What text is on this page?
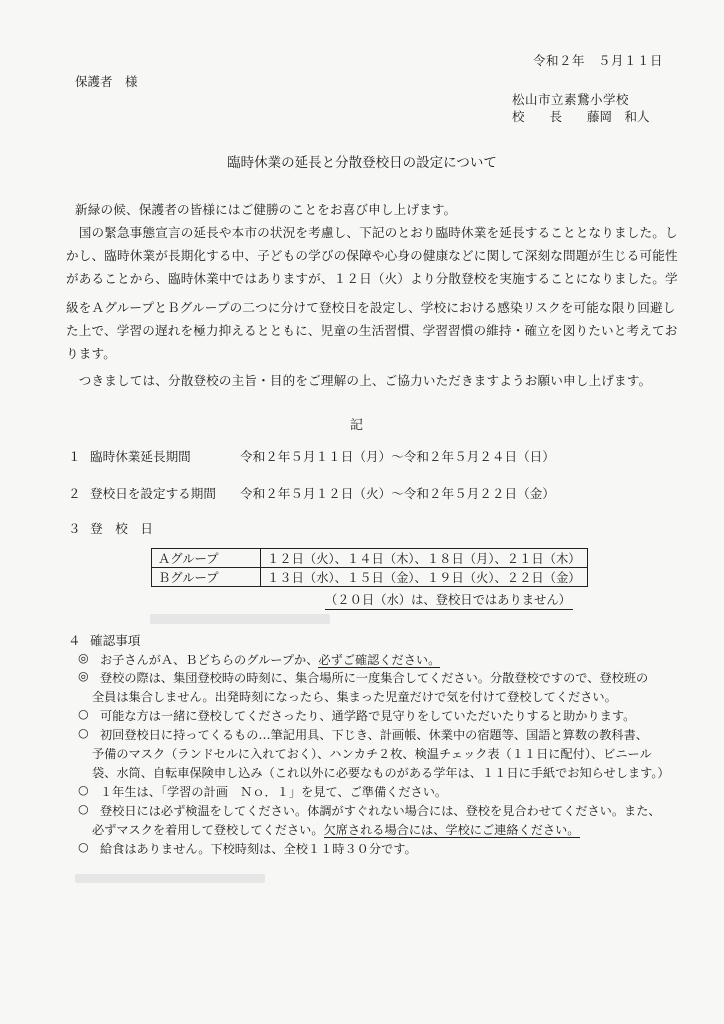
令和２年　５月１１日
保護者　様
松山市立素鵞小学校
校　　長　　藤岡　和人
臨時休業の延長と分散登校日の設定について
新緑の候、保護者の皆様にはご健勝のことをお喜び申し上げます。
　国の緊急事態宣言の延長や本市の状況を考慮し、下記のとおり臨時休業を延長することとなりました。し
かし、臨時休業が長期化する中、子どもの学びの保障や心身の健康などに関して深刻な問題が生じる可能性
があることから、臨時休業中ではありますが、１２日（火）より分散登校を実施することになりました。学
級をＡグループとＢグループの二つに分けて登校日を設定し、学校における感染リスクを可能な限り回避し
た上で、学習の遅れを極力抑えるとともに、児童の生活習慣、学習習慣の維持・確立を図りたいと考えてお
ります。
　つきましては、分散登校の主旨・目的をご理解の上、ご協力いただきますようお願い申し上げます。
記
１ 臨時休業延長期間	令和２年５月１１日（月）～令和２年５月２４日（日）
２ 登校日を設定する期間 令和２年５月１２日（火）～令和２年５月２２日（金）
３ 登　校　日
Ａグループ	１２日（火）、１４日（木）、１８日（月）、２１日（木）
Ｂグループ	１３日（水）、１５日（金）、１９日（火）、２２日（金）
（２０日（水）は、登校日ではありません）
４ 確認事項
◎ お子さんがＡ、Ｂどちらのグループか、必ずご確認ください。
◎ 登校の際は、集団登校時の時刻に、集合場所に一度集合してください。分散登校ですので、登校班の
全員は集合しません。出発時刻になったら、集まった児童だけで気を付けて登校してください。
○ 可能な方は一緒に登校してくださったり、通学路で見守りをしていただいたりすると助かります。
○ 初回登校日に持ってくるもの…筆記用具、下じき、計画帳、休業中の宿題等、国語と算数の教科書、
予備のマスク（ランドセルに入れておく）、ハンカチ２枚、検温チェック表（１１日に配付）、ビニール
袋、水筒、自転車保険申し込み（これ以外に必要なものがある学年は、１１日に手紙でお知らせします。）
○ １年生は、「学習の計画　Ｎｏ．１」を見て、ご準備ください。
○ 登校日には必ず検温をしてください。体調がすぐれない場合には、登校を見合わせてください。また、
必ずマスクを着用して登校してください。欠席される場合には、学校にご連絡ください。
○ 給食はありません。下校時刻は、全校１１時３０分です。
